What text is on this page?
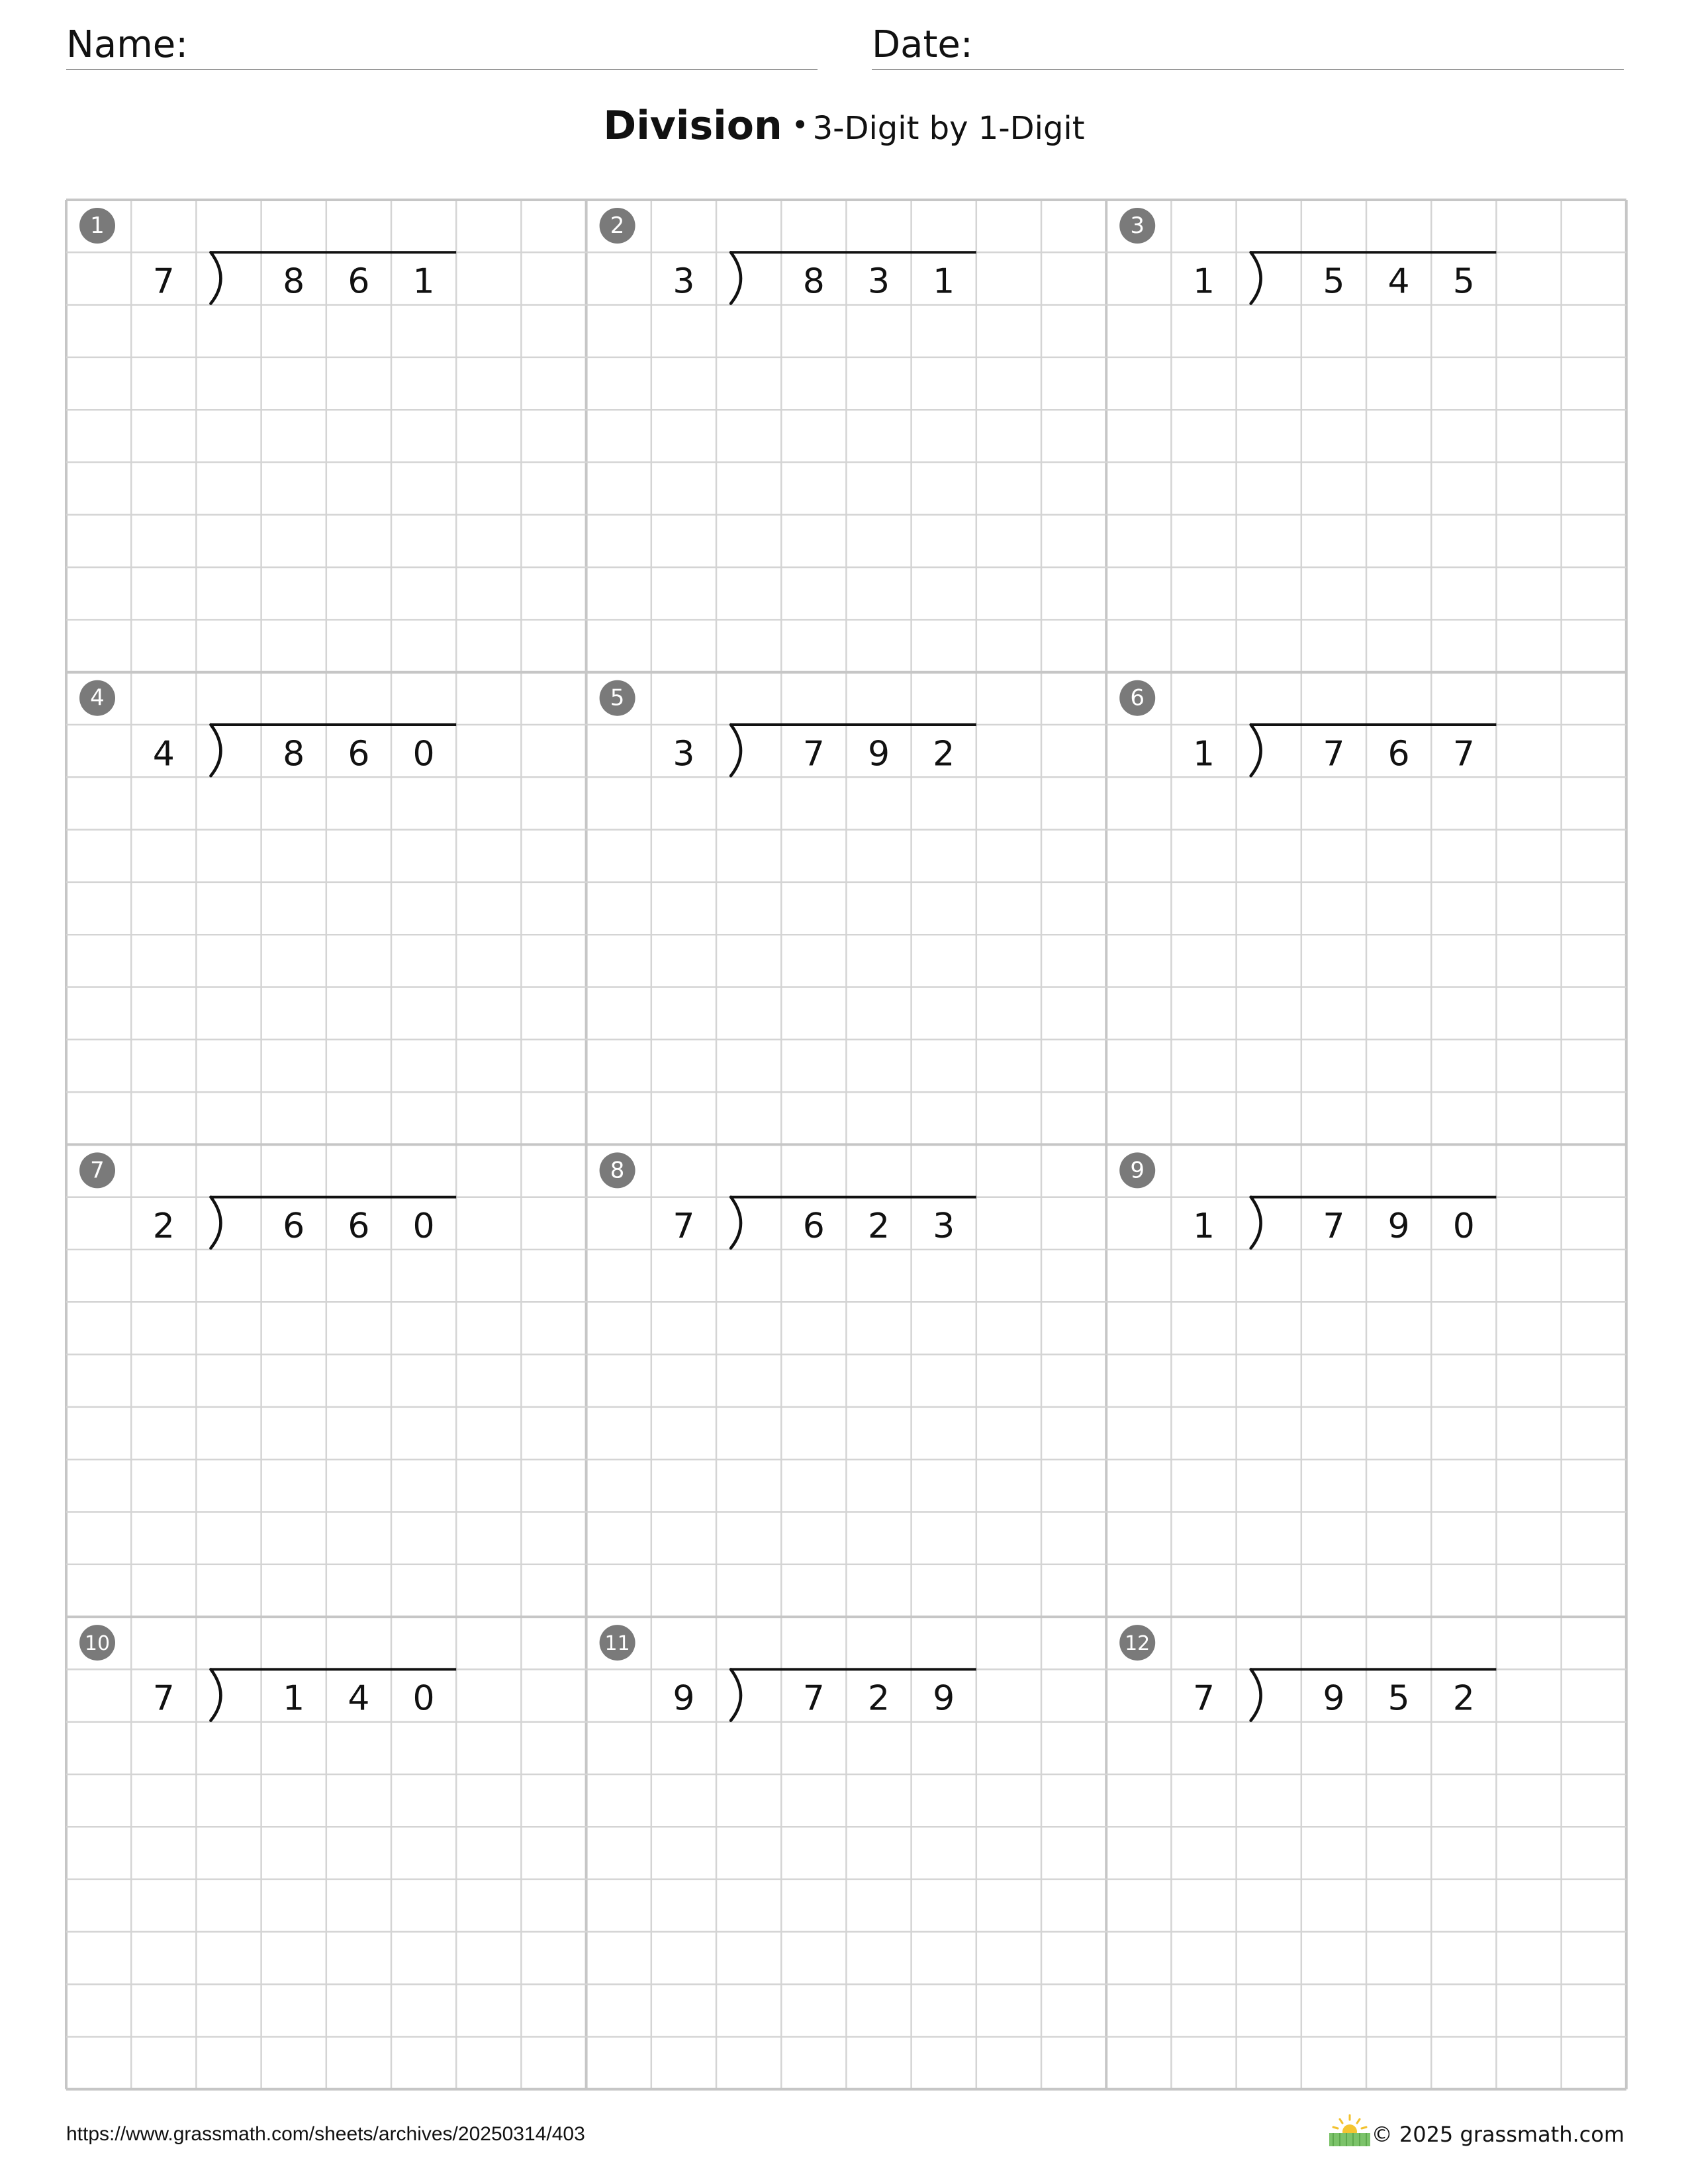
Name:	Date:
Division • 3-Digit by 1-Digit
1
7	8 6 1
2
3	8 3 1
3
1	5 4 5
4
4	8 6 0
5
3	7 9 2
6
1	7 6 7
7
2	6 6 0
8
7	6 2 3
9
1	7 9 0
10
7	1 4 0
11
9	7 2 9
12
7	9 5 2
https://www.grassmath.com/sheets/archives/20250314/403	© 2025 grassmath.com
